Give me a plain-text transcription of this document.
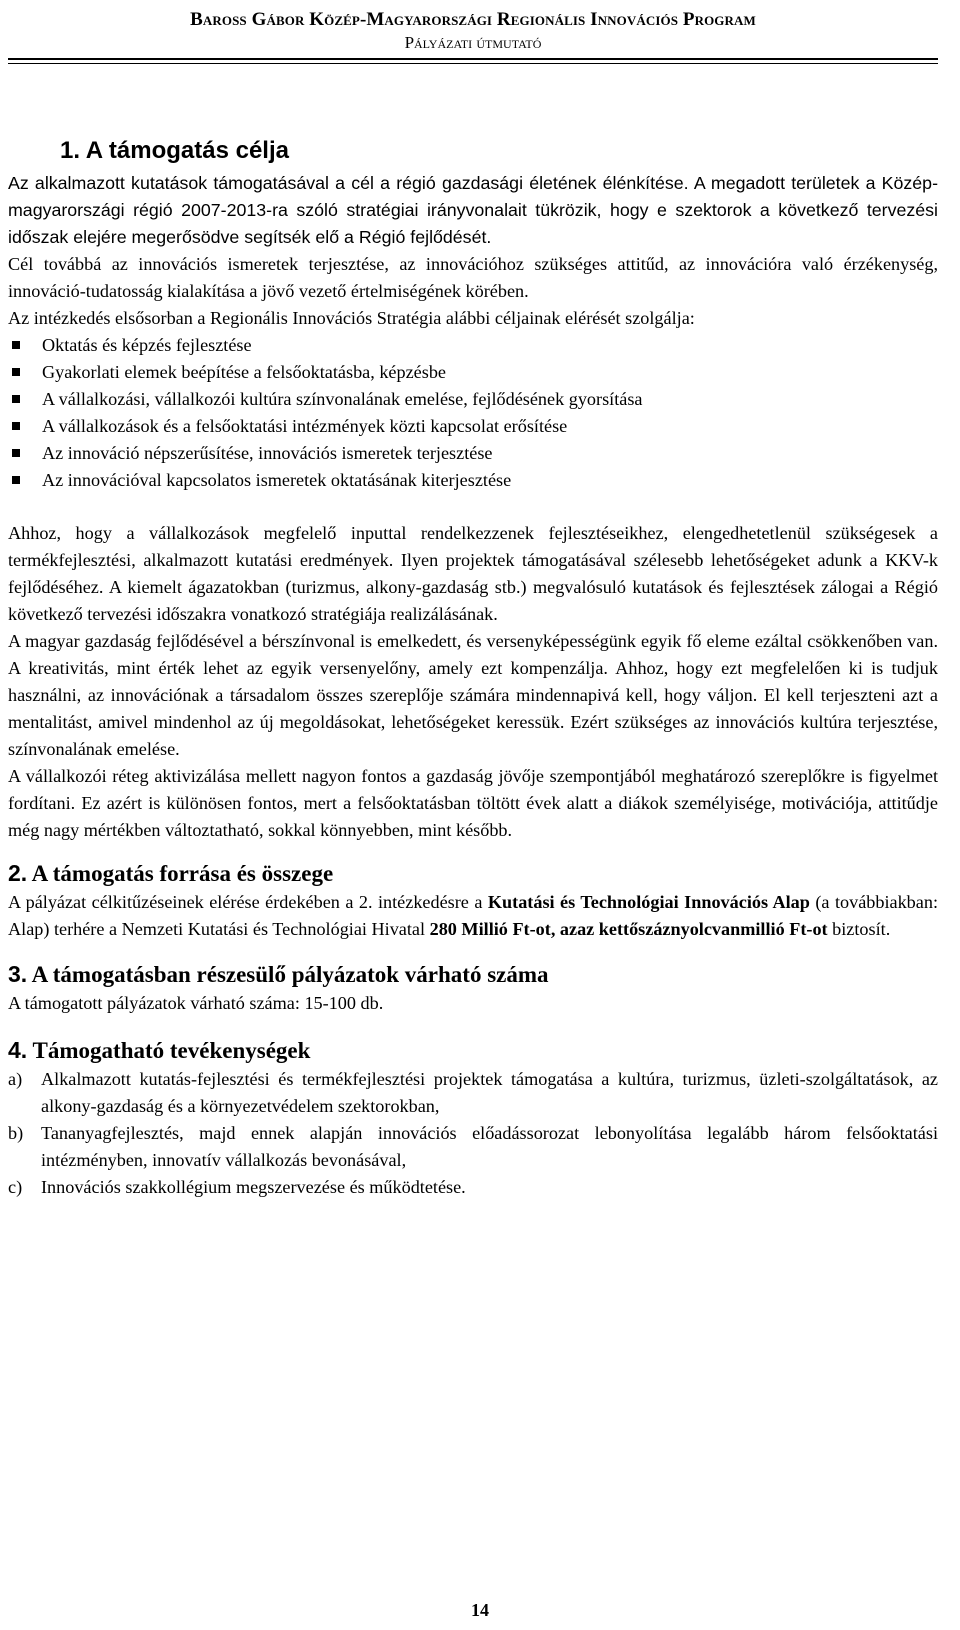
Baross Gábor Közép-Magyarországi Regionális Innovációs Program
Pályázati útmutató
1. A támogatás célja

Az alkalmazott kutatások támogatásával a cél a régió gazdasági életének élénkítése. A megadott területek a Közép-magyarországi régió 2007-2013-ra szóló stratégiai irányvonalait tükrözik, hogy e szektorok a következő tervezési időszak elejére megerősödve segítsék elő a Régió fejlődését.

Cél továbbá az innovációs ismeretek terjesztése, az innovációhoz szükséges attitűd, az innovációra való érzékenység, innováció-tudatosság kialakítása a jövő vezető értelmiségének körében.

Az intézkedés elsősorban a Regionális Innovációs Stratégia alábbi céljainak elérését szolgálja:

Oktatás és képzés fejlesztése
Gyakorlati elemek beépítése a felsőoktatásba, képzésbe
A vállalkozási, vállalkozói kultúra színvonalának emelése, fejlődésének gyorsítása
A vállalkozások és a felsőoktatási intézmények közti kapcsolat erősítése
Az innováció népszerűsítése, innovációs ismeretek terjesztése
Az innovációval kapcsolatos ismeretek oktatásának kiterjesztése

Ahhoz, hogy a vállalkozások megfelelő inputtal rendelkezzenek fejlesztéseikhez, elengedhetetlenül szükségesek a termékfejlesztési, alkalmazott kutatási eredmények. Ilyen projektek támogatásával szélesebb lehetőségeket adunk a KKV-k fejlődéséhez. A kiemelt ágazatokban (turizmus, alkony-gazdaság stb.) megvalósuló kutatások és fejlesztések zálogai a Régió következő tervezési időszakra vonatkozó stratégiája realizálásának.

A magyar gazdaság fejlődésével a bérszínvonal is emelkedett, és versenyképességünk egyik fő eleme ezáltal csökkenőben van. A kreativitás, mint érték lehet az egyik versenyelőny, amely ezt kompenzálja. Ahhoz, hogy ezt megfelelően ki is tudjuk használni, az innovációnak a társadalom összes szereplője számára mindennapivá kell, hogy váljon. El kell terjeszteni azt a mentalitást, amivel mindenhol az új megoldásokat, lehetőségeket keressük. Ezért szükséges az innovációs kultúra terjesztése, színvonalának emelése.

A vállalkozói réteg aktivizálása mellett nagyon fontos a gazdaság jövője szempontjából meghatározó szereplőkre is figyelmet fordítani. Ez azért is különösen fontos, mert a felsőoktatásban töltött évek alatt a diákok személyisége, motivációja, attitűdje még nagy mértékben változtatható, sokkal könnyebben, mint később.

2. A támogatás forrása és összege

A pályázat célkitűzéseinek elérése érdekében a 2. intézkedésre a Kutatási és Technológiai Innovációs Alap (a továbbiakban: Alap) terhére a Nemzeti Kutatási és Technológiai Hivatal 280 Millió Ft-ot, azaz kettőszáznyolcvanmillió Ft-ot biztosít.

3. A támogatásban részesülő pályázatok várható száma

A támogatott pályázatok várható száma: 15-100 db.

4. Támogatható tevékenységek
a) Alkalmazott kutatás-fejlesztési és termékfejlesztési projektek támogatása a kultúra, turizmus, üzleti-szolgáltatások, az alkony-gazdaság és a környezetvédelem szektorokban,
b) Tananyagfejlesztés, majd ennek alapján innovációs előadássorozat lebonyolítása legalább három felsőoktatási intézményben, innovatív vállalkozás bevonásával,
c) Innovációs szakkollégium megszervezése és működtetése.
14
